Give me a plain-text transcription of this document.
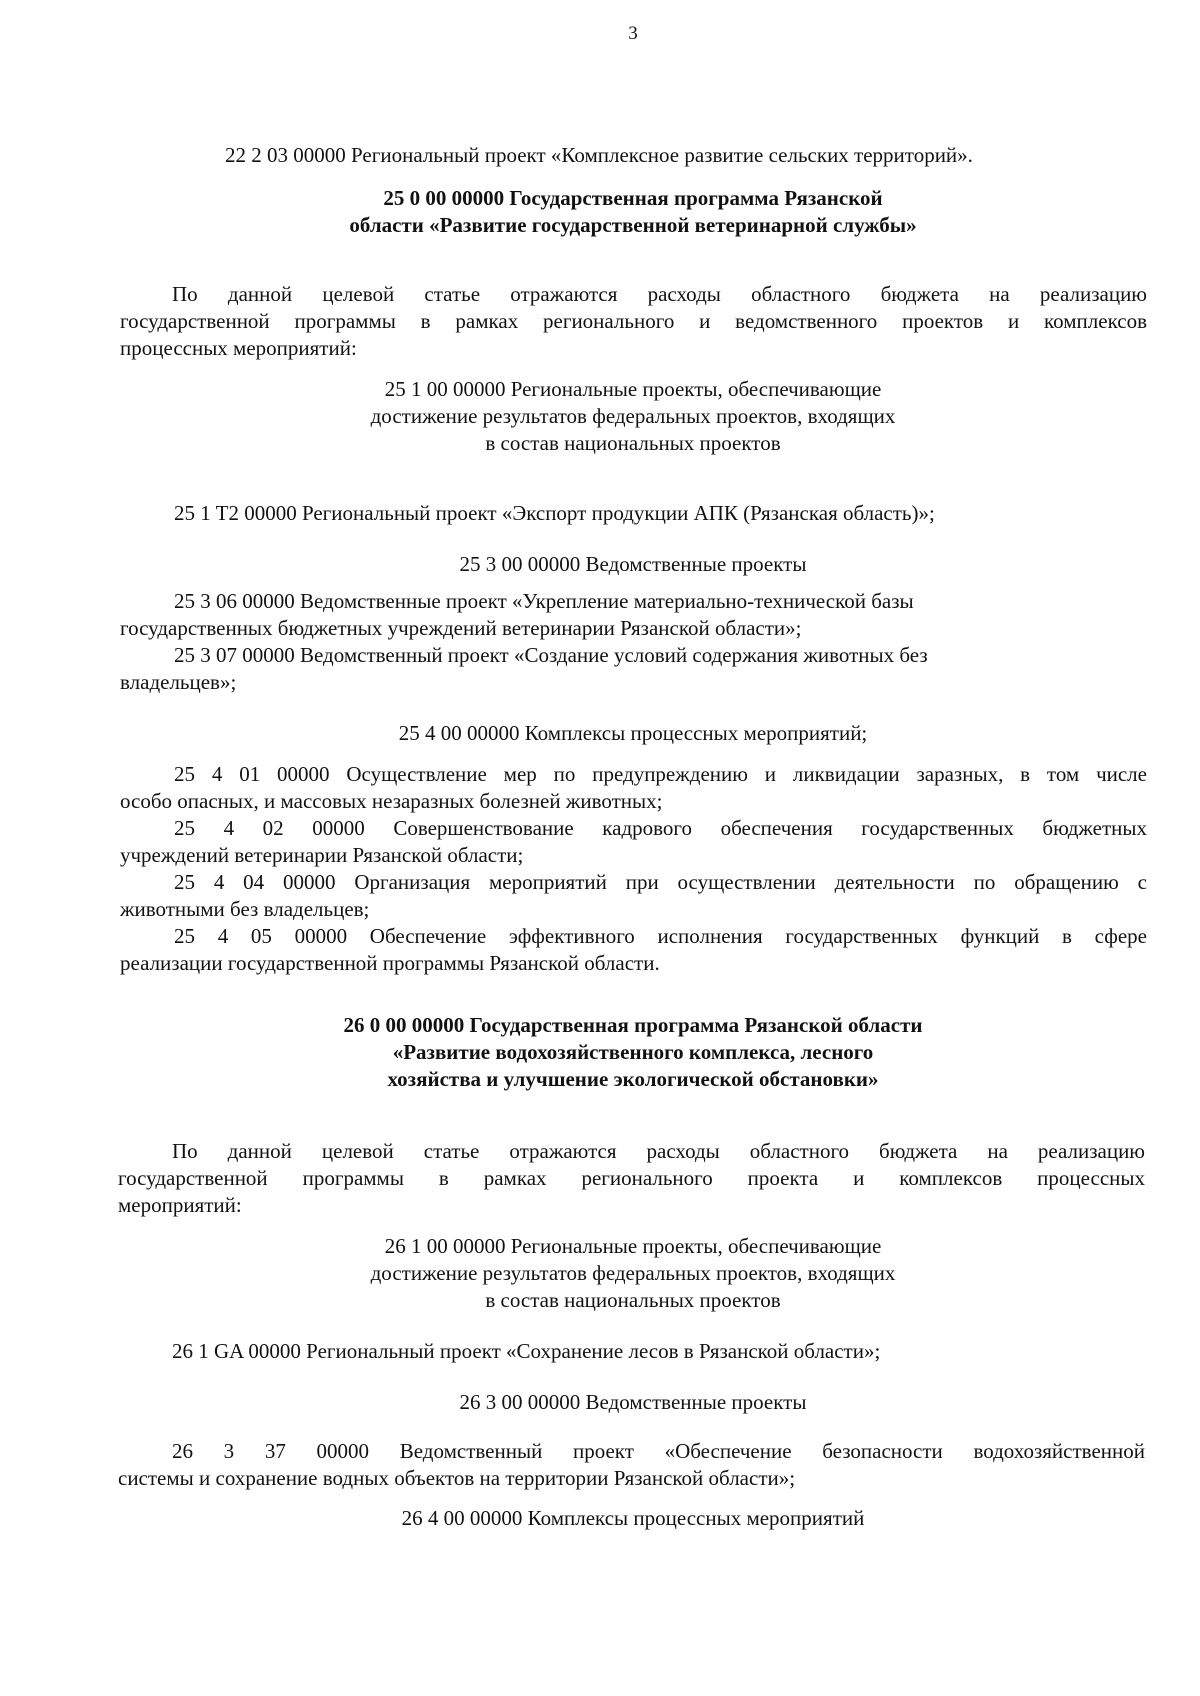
3

22 2 03 00000 Региональный проект «Комплексное развитие сельских территорий».

25 0 00 00000 Государственная программа Рязанской

области «Развитие государственной ветеринарной службы»

По данной целевой статье отражаются расходы областного бюджета на реализацию

государственной программы в рамках регионального и ведомственного проектов и комплексов

процессных мероприятий:

25 1 00 00000 Региональные проекты, обеспечивающие

достижение результатов федеральных проектов, входящих

в состав национальных проектов

25 1 T2 00000 Региональный проект «Экспорт продукции АПК (Рязанская область)»;

25 3 00 00000 Ведомственные проекты

25 3 06 00000 Ведомственные проект «Укрепление материально-технической базы

государственных бюджетных учреждений ветеринарии Рязанской области»;

25 3 07 00000 Ведомственный проект «Создание условий содержания животных без

владельцев»;

25 4 00 00000 Комплексы процессных мероприятий;

25 4 01 00000 Осуществление мер по предупреждению и ликвидации заразных, в том числе

особо опасных, и массовых незаразных болезней животных;

25 4 02 00000 Совершенствование кадрового обеспечения государственных бюджетных

учреждений ветеринарии Рязанской области;

25 4 04 00000 Организация мероприятий при осуществлении деятельности по обращению с

животными без владельцев;

25 4 05 00000 Обеспечение эффективного исполнения государственных функций в сфере

реализации государственной программы Рязанской области.

26 0 00 00000 Государственная программа Рязанской области

«Развитие водохозяйственного комплекса, лесного

хозяйства и улучшение экологической обстановки»

По данной целевой статье отражаются расходы областного бюджета на реализацию

государственной программы в рамках регионального проекта и комплексов процессных

мероприятий:

26 1 00 00000 Региональные проекты, обеспечивающие

достижение результатов федеральных проектов, входящих

в состав национальных проектов

26 1 GA 00000 Региональный проект «Сохранение лесов в Рязанской области»;

26 3 00 00000 Ведомственные проекты

26 3 37 00000 Ведомственный проект «Обеспечение безопасности водохозяйственной

системы и сохранение водных объектов на территории Рязанской области»;

26 4 00 00000 Комплексы процессных мероприятий
